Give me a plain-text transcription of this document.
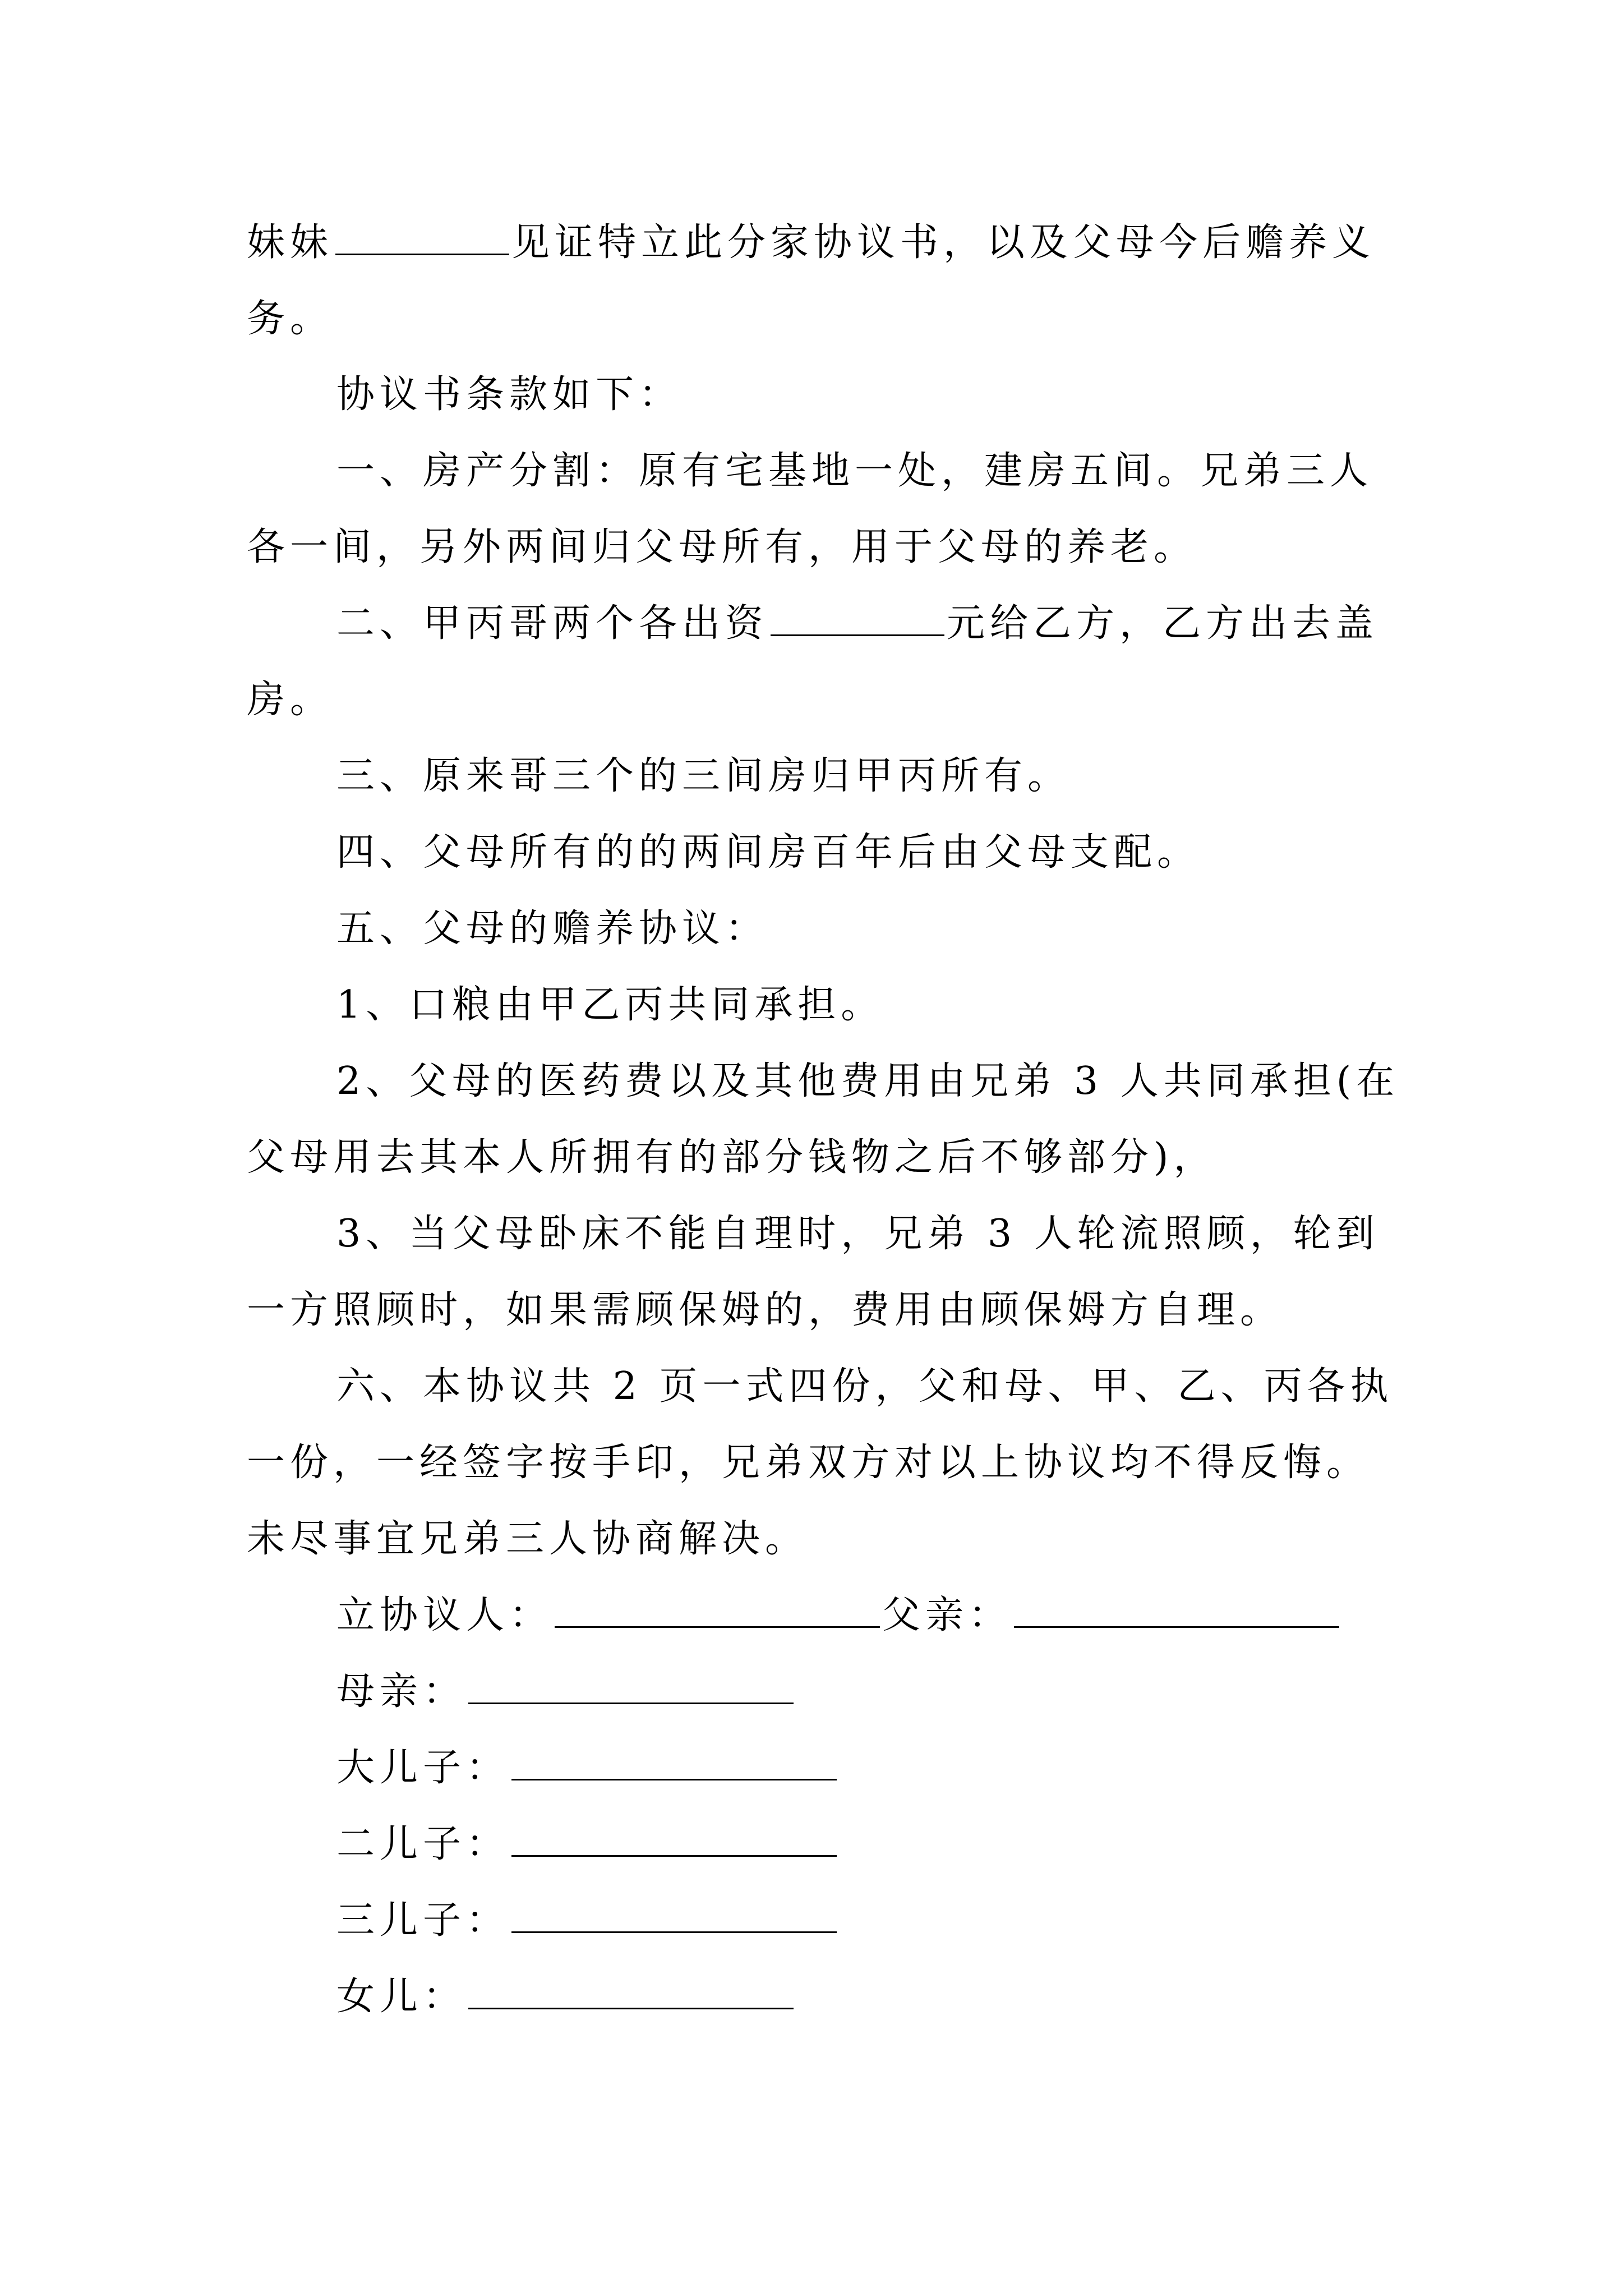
妹妹	见证特立此分家协议书，以及父母今后赡养义
务。
协议书条款如下：
一、房产分割：原有宅基地一处，建房五间。兄弟三人
各一间，另外两间归父母所有，用于父母的养老。
二、甲丙哥两个各出资	元给乙方，乙方出去盖
房。
三、原来哥三个的三间房归甲丙所有。
四、父母所有的的两间房百年后由父母支配。
五、父母的赡养协议：
1、口粮由甲乙丙共同承担。
2、父母的医药费以及其他费用由兄弟 3 人共同承担(在
父母用去其本人所拥有的部分钱物之后不够部分)，
3、当父母卧床不能自理时，兄弟 3 人轮流照顾，轮到
一方照顾时，如果需顾保姆的，费用由顾保姆方自理。
六、本协议共 2 页一式四份，父和母、甲、乙、丙各执
一份，一经签字按手印，兄弟双方对以上协议均不得反悔。
未尽事宜兄弟三人协商解决。
立协议人：	父亲：
母亲：
大儿子：
二儿子：
三儿子：
女儿：
